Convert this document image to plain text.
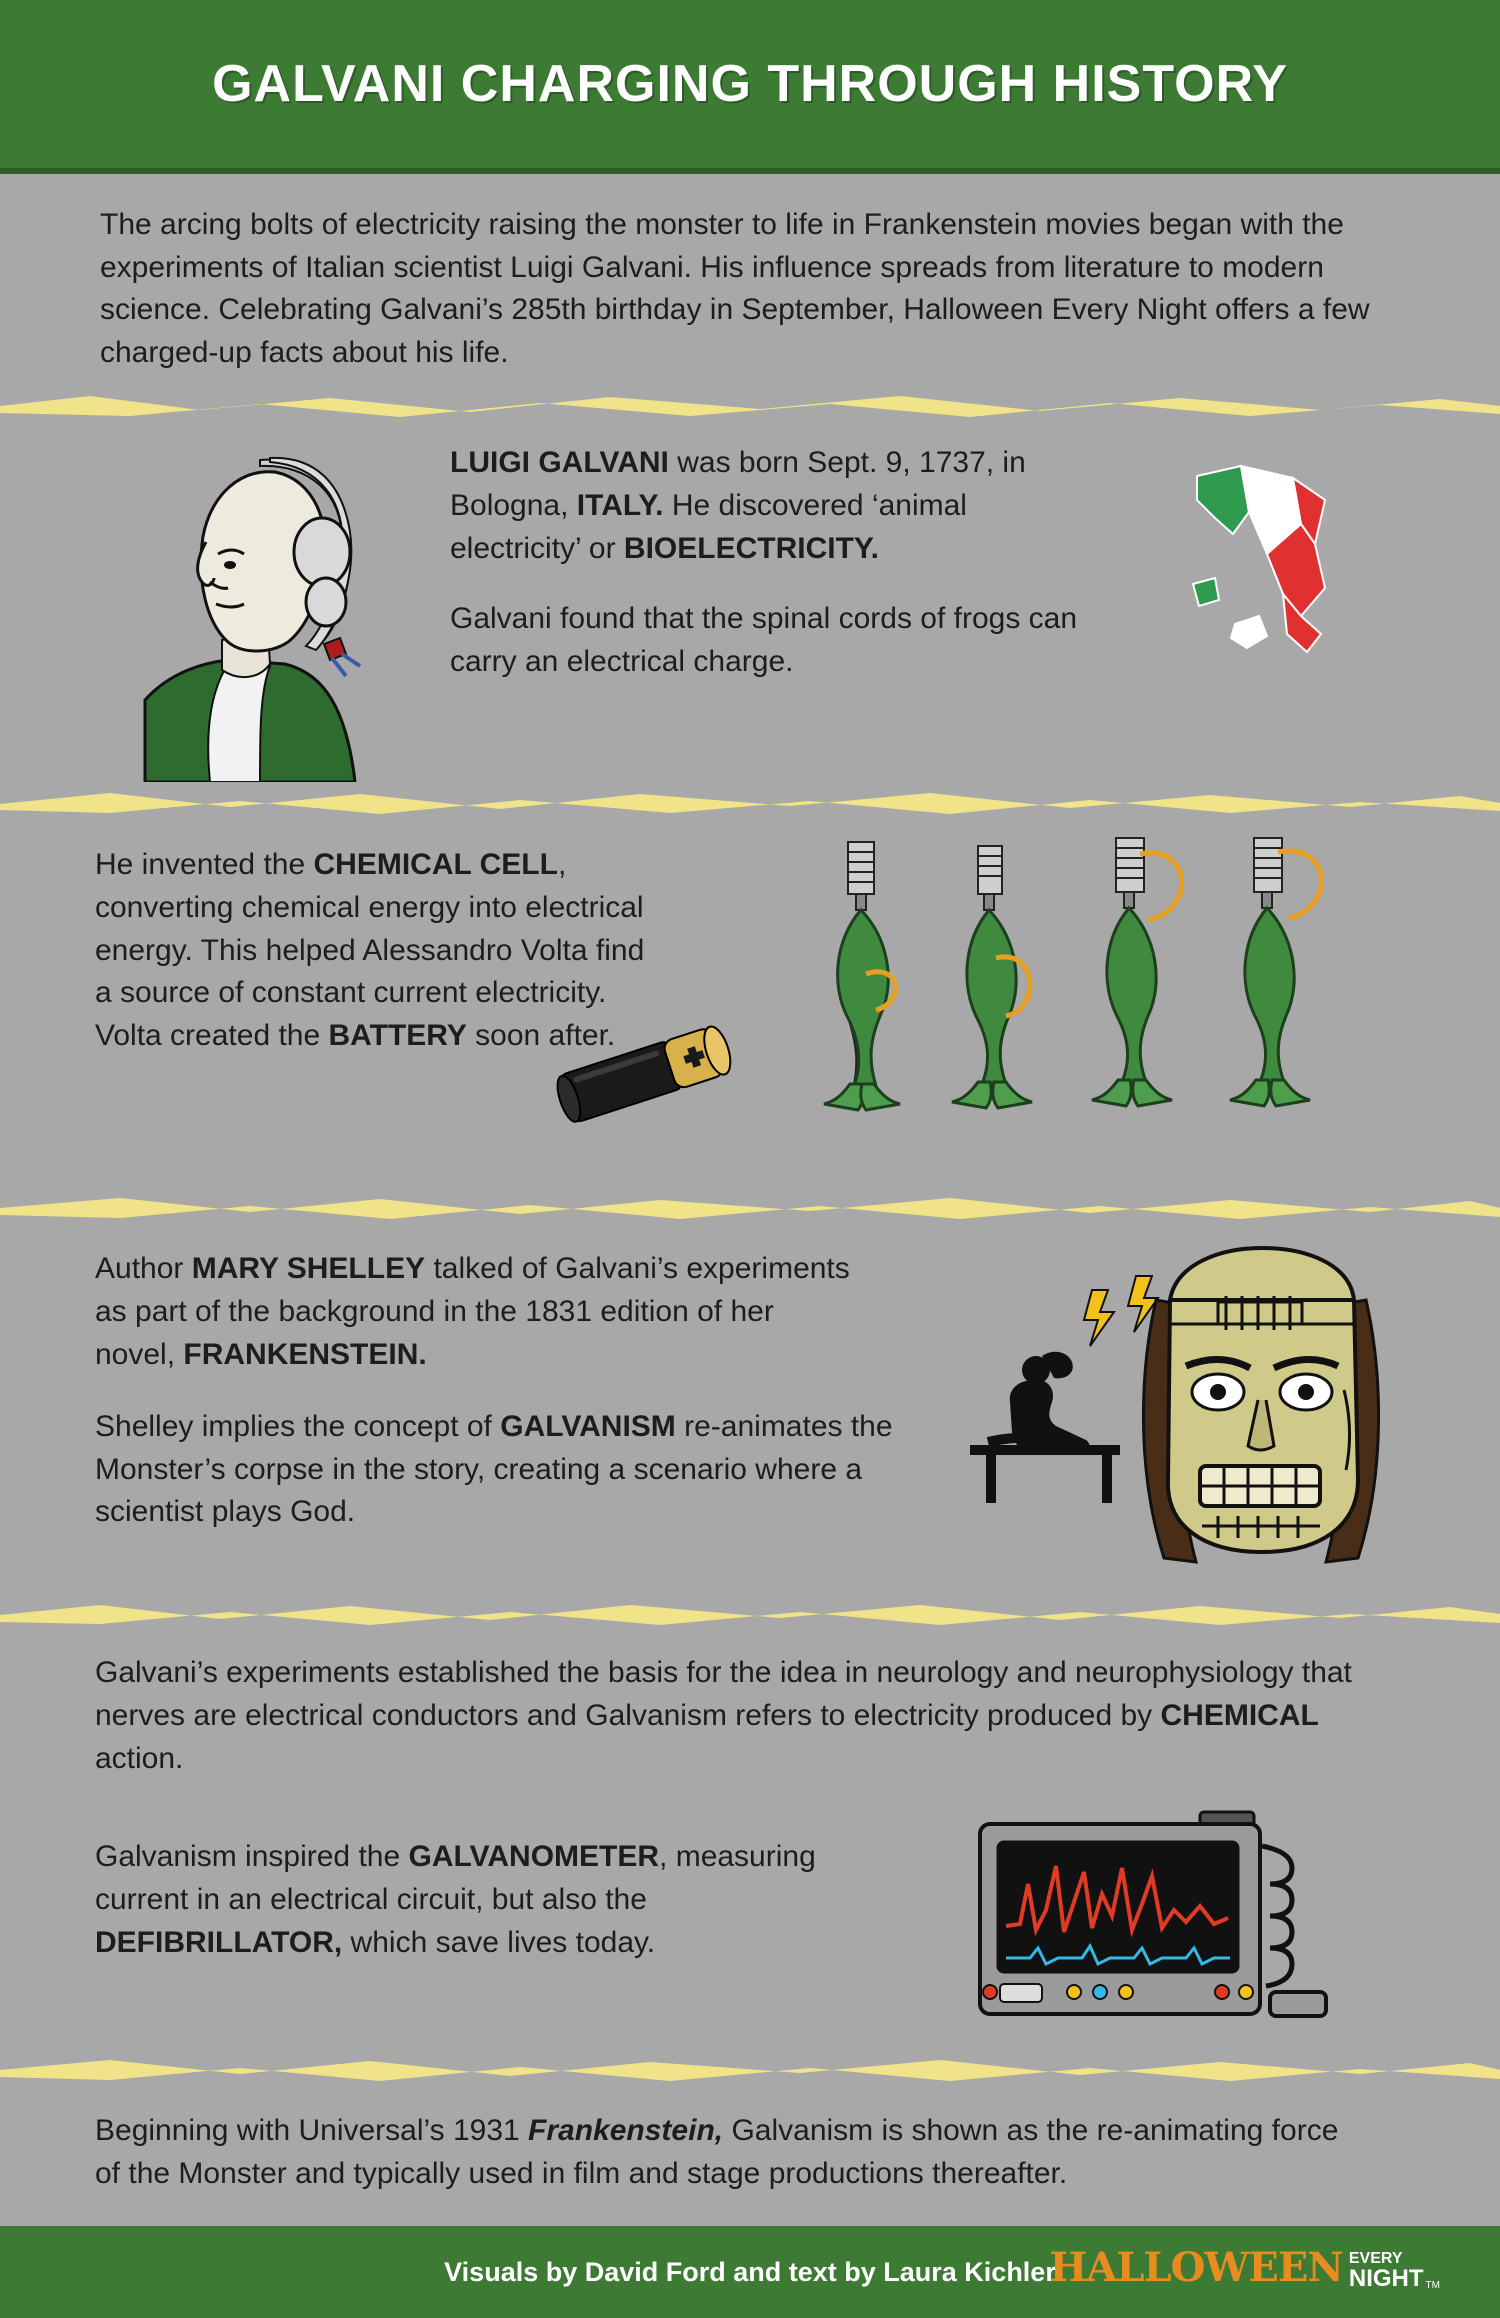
GALVANI CHARGING THROUGH HISTORY
The arcing bolts of electricity raising the monster to life in Frankenstein movies began with the experiments of Italian scientist Luigi Galvani. His influence spreads from literature to modern science. Celebrating Galvani’s 285th birthday in September, Halloween Every Night offers a few charged-up facts about his life.

LUIGI GALVANI was born Sept. 9, 1737, in Bologna, ITALY. He discovered ‘animal electricity’ or BIOELECTRICITY.

Galvani found that the spinal cords of frogs can carry an electrical charge.

He invented the CHEMICAL CELL, converting chemical energy into electrical energy. This helped Alessandro Volta find a source of constant current electricity. Volta created the BATTERY soon after.

Author MARY SHELLEY talked of Galvani’s experiments as part of the background in the 1831 edition of her novel, FRANKENSTEIN.

Shelley implies the concept of GALVANISM re-animates the Monster’s corpse in the story, creating a scenario where a scientist plays God.

Galvani’s experiments established the basis for the idea in neurology and neurophysiology that nerves are electrical conductors and Galvanism refers to electricity produced by CHEMICAL action.

Galvanism inspired the GALVANOMETER, measuring current in an electrical circuit, but also the DEFIBRILLATOR, which save lives today.

Beginning with Universal’s 1931 Frankenstein, Galvanism is shown as the re-animating force of the Monster and typically used in film and stage productions thereafter.

Visuals by David Ford and text by Laura Kichler
HALLOWEEN EVERY
NIGHT TM
